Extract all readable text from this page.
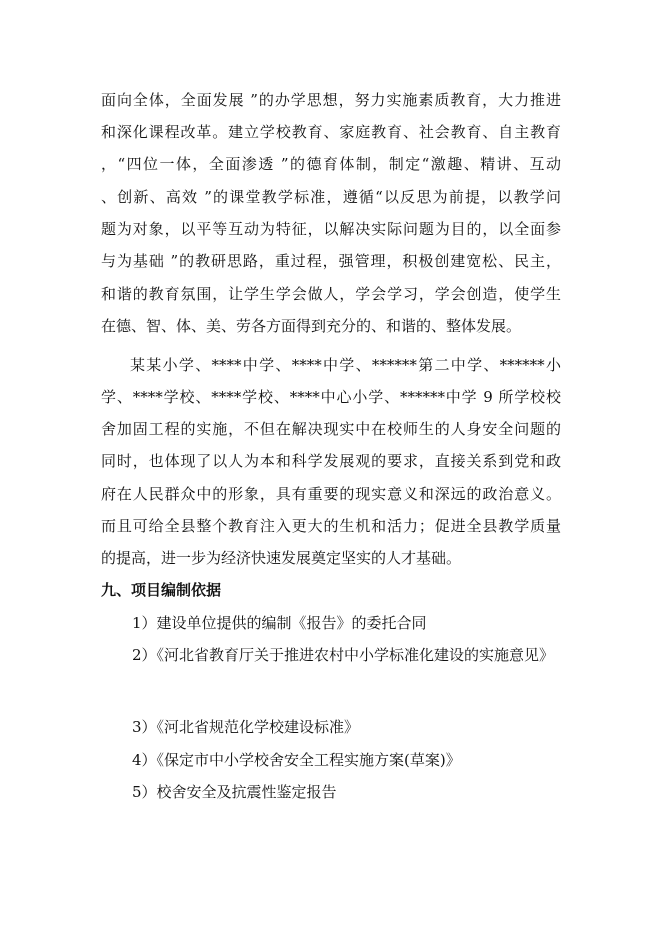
面向全体，全面发展 ”的办学思想，努力实施素质教育，大力推进
和深化课程改革。建立学校教育、家庭教育、社会教育、自主教育
，“四位一体，全面渗透 ”的德育体制，制定“激趣、精讲、互动
、创新、高效 ”的课堂教学标准，遵循“以反思为前提，以教学问
题为对象，以平等互动为特征，以解决实际问题为目的，以全面参
与为基础 ”的教研思路，重过程，强管理，积极创建宽松、民主，
和谐的教育氛围，让学生学会做人，学会学习，学会创造，使学生
在德、智、体、美、劳各方面得到充分的、和谐的、整体发展。
某某小学、****中学、****中学、******第二中学、******小
学、****学校、****学校、****中心小学、******中学 9 所学校校
舍加固工程的实施，不但在解决现实中在校师生的人身安全问题的
同时，也体现了以人为本和科学发展观的要求，直接关系到党和政
府在人民群众中的形象，具有重要的现实意义和深远的政治意义。
而且可给全县整个教育注入更大的生机和活力；促进全县教学质量
的提高，进一步为经济快速发展奠定坚实的人才基础。
九、项目编制依据
1）建设单位提供的编制《报告》的委托合同
2）《河北省教育厅关于推进农村中小学标准化建设的实施意见》
3）《河北省规范化学校建设标准》
4）《保定市中小学校舍安全工程实施方案(草案)》
5）校舍安全及抗震性鉴定报告
